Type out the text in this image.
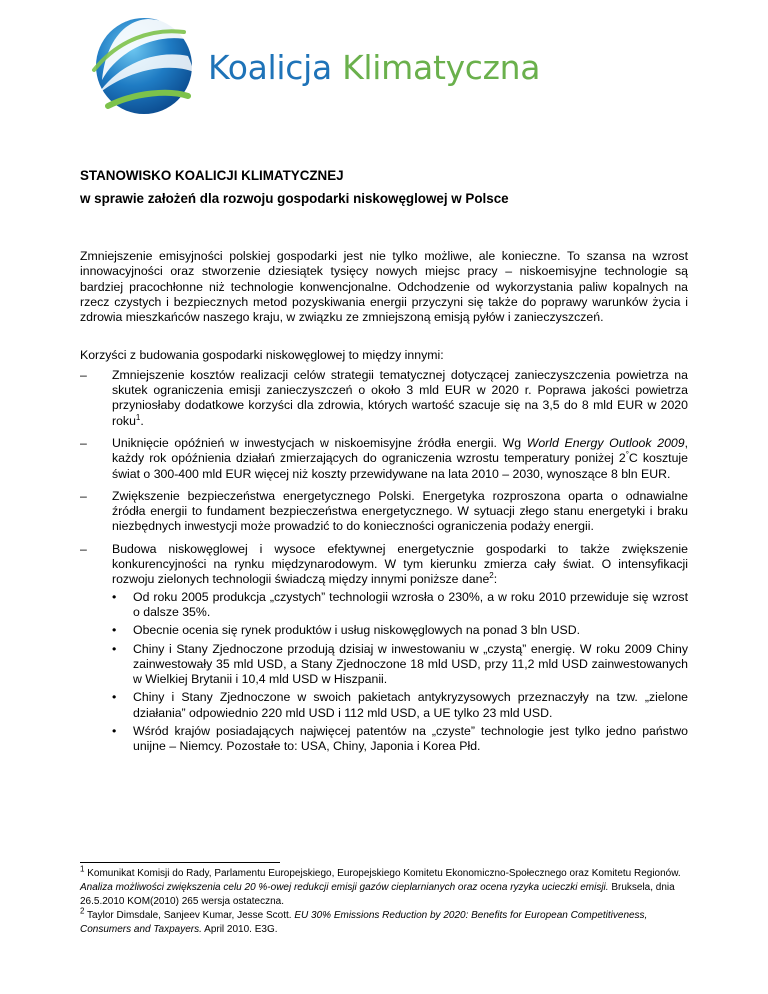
Koalicja Klimatyczna
STANOWISKO KOALICJI KLIMATYCZNEJ
w sprawie założeń dla rozwoju gospodarki niskowęglowej w Polsce

Zmniejszenie emisyjności polskiej gospodarki jest nie tylko możliwe, ale konieczne. To szansa na wzrost innowacyjności oraz stworzenie dziesiątek tysięcy nowych miejsc pracy – niskoemisyjne technologie są bardziej pracochłonne niż technologie konwencjonalne. Odchodzenie od wykorzystania paliw kopalnych na rzecz czystych i bezpiecznych metod pozyskiwania energii przyczyni się także do poprawy warunków życia i zdrowia mieszkańców naszego kraju, w związku ze zmniejszoną emisją pyłów i zanieczyszczeń.

Korzyści z budowania gospodarki niskowęglowej to między innymi:

– Zmniejszenie kosztów realizacji celów strategii tematycznej dotyczącej zanieczyszczenia powietrza na skutek ograniczenia emisji zanieczyszczeń o około 3 mld EUR w 2020 r. Poprawa jakości powietrza przyniosłaby dodatkowe korzyści dla zdrowia, których wartość szacuje się na 3,5 do 8 mld EUR w 2020 roku$^1$.
– Uniknięcie opóźnień w inwestycjach w niskoemisyjne źródła energii. Wg World Energy Outlook 2009, każdy rok opóźnienia działań zmierzających do ograniczenia wzrostu temperatury poniżej 2°C kosztuje świat o 300-400 mld EUR więcej niż koszty przewidywane na lata 2010 – 2030, wynoszące 8 bln EUR.
– Zwiększenie bezpieczeństwa energetycznego Polski. Energetyka rozproszona oparta o odnawialne źródła energii to fundament bezpieczeństwa energetycznego. W sytuacji złego stanu energetyki i braku niezbędnych inwestycji może prowadzić to do konieczności ograniczenia podaży energii.
– Budowa niskowęglowej i wysoce efektywnej energetycznie gospodarki to także zwiększenie konkurencyjności na rynku międzynarodowym. W tym kierunku zmierza cały świat. O intensyfikacji rozwoju zielonych technologii świadczą między innymi poniższe dane$^2$:
• Od roku 2005 produkcja „czystych” technologii wzrosła o 230%, a w roku 2010 przewiduje się wzrost o dalsze 35%.
• Obecnie ocenia się rynek produktów i usług niskowęglowych na ponad 3 bln USD.
• Chiny i Stany Zjednoczone przodują dzisiaj w inwestowaniu w „czystą” energię. W roku 2009 Chiny zainwestowały 35 mld USD, a Stany Zjednoczone 18 mld USD, przy 11,2 mld USD zainwestowanych w Wielkiej Brytanii i 10,4 mld USD w Hiszpanii.
• Chiny i Stany Zjednoczone w swoich pakietach antykryzysowych przeznaczyły na tzw. „zielone działania” odpowiednio 220 mld USD i 112 mld USD, a UE tylko 23 mld USD.
• Wśród krajów posiadających najwięcej patentów na „czyste” technologie jest tylko jedno państwo unijne – Niemcy. Pozostałe to: USA, Chiny, Japonia i Korea Płd.

$^1$ Komunikat Komisji do Rady, Parlamentu Europejskiego, Europejskiego Komitetu Ekonomiczno-Społecznego oraz Komitetu Regionów. Analiza możliwości zwiększenia celu 20 %-owej redukcji emisji gazów cieplarnianych oraz ocena ryzyka ucieczki emisji. Bruksela, dnia 26.5.2010 KOM(2010) 265 wersja ostateczna.

$^2$ Taylor Dimsdale, Sanjeev Kumar, Jesse Scott. EU 30% Emissions Reduction by 2020: Benefits for European Competitiveness, Consumers and Taxpayers. April 2010. E3G.
